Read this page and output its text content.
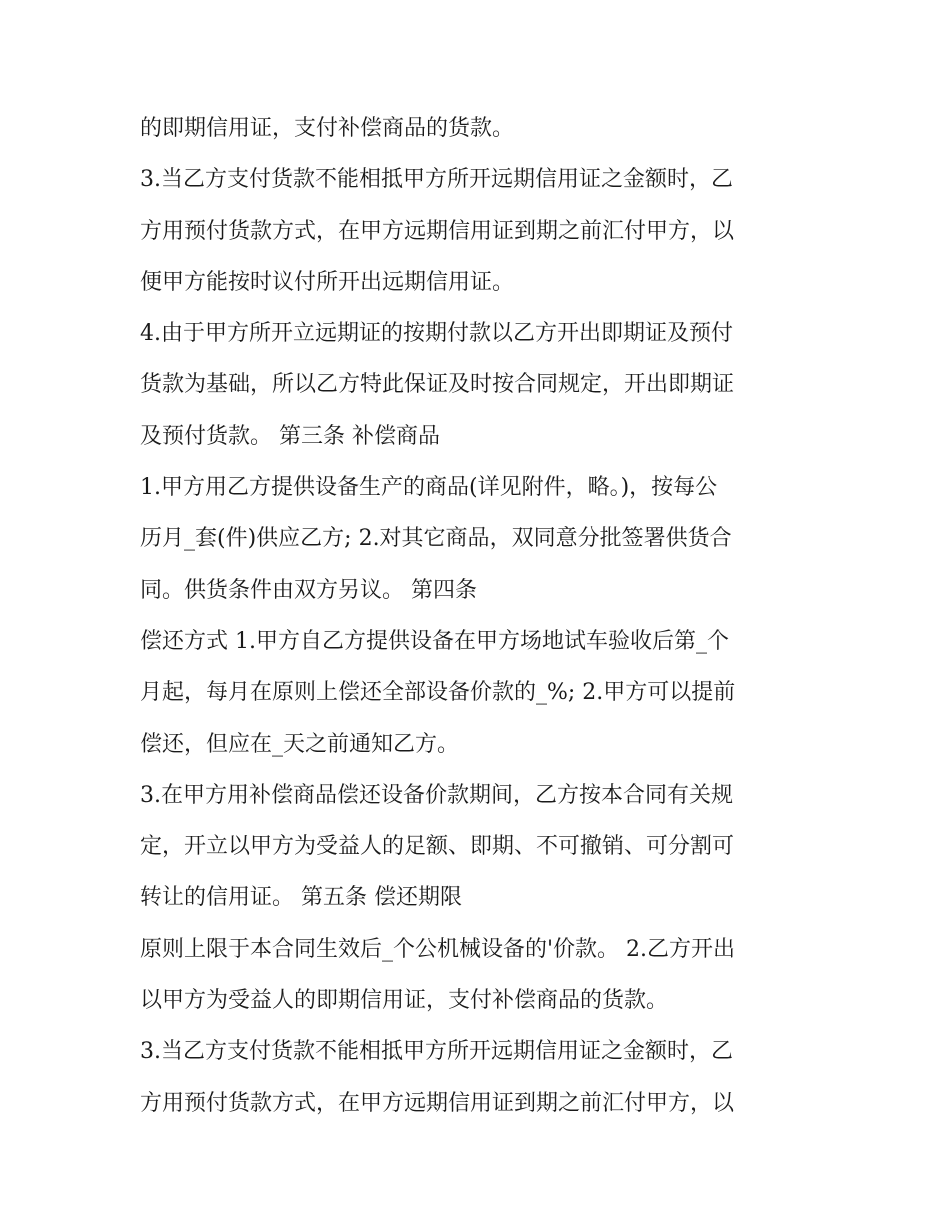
的即期信用证，支付补偿商品的货款。
3.当乙方支付货款不能相抵甲方所开远期信用证之金额时，乙
方用预付货款方式，在甲方远期信用证到期之前汇付甲方，以
便甲方能按时议付所开出远期信用证。
4.由于甲方所开立远期证的按期付款以乙方开出即期证及预付
货款为基础，所以乙方特此保证及时按合同规定，开出即期证
及预付货款。 第三条 补偿商品
1.甲方用乙方提供设备生产的商品(详见附件，略。)，按每公
历月_套(件)供应乙方; 2.对其它商品，双同意分批签署供货合
同。供货条件由双方另议。 第四条
偿还方式 1.甲方自乙方提供设备在甲方场地试车验收后第_个
月起，每月在原则上偿还全部设备价款的_%; 2.甲方可以提前
偿还，但应在_天之前通知乙方。
3.在甲方用补偿商品偿还设备价款期间，乙方按本合同有关规
定，开立以甲方为受益人的足额、即期、不可撤销、可分割可
转让的信用证。 第五条 偿还期限
原则上限于本合同生效后_个公机械设备的'价款。 2.乙方开出
以甲方为受益人的即期信用证，支付补偿商品的货款。
3.当乙方支付货款不能相抵甲方所开远期信用证之金额时，乙
方用预付货款方式，在甲方远期信用证到期之前汇付甲方，以
